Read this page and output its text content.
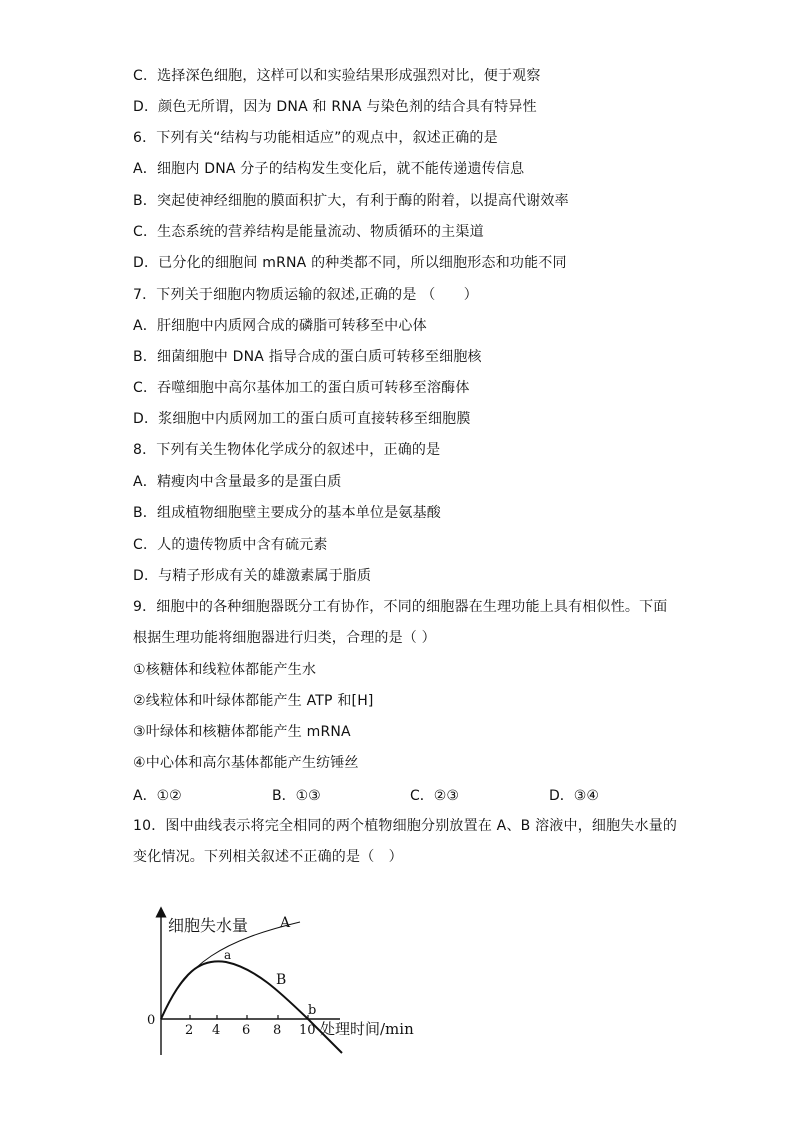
C．选择深色细胞，这样可以和实验结果形成强烈对比，便于观察
D．颜色无所谓，因为 DNA 和 RNA 与染色剂的结合具有特异性
6．下列有关“结构与功能相适应”的观点中，叙述正确的是
A．细胞内 DNA 分子的结构发生变化后，就不能传递遗传信息
B．突起使神经细胞的膜面积扩大，有利于酶的附着，以提高代谢效率
C．生态系统的营养结构是能量流动、物质循环的主渠道
D．已分化的细胞间 mRNA 的种类都不同，所以细胞形态和功能不同
7．下列关于细胞内物质运输的叙述,正确的是 （　　）
A．肝细胞中内质网合成的磷脂可转移至中心体
B．细菌细胞中 DNA 指导合成的蛋白质可转移至细胞核
C．吞噬细胞中高尔基体加工的蛋白质可转移至溶酶体
D．浆细胞中内质网加工的蛋白质可直接转移至细胞膜
8．下列有关生物体化学成分的叙述中，正确的是
A．精瘦肉中含量最多的是蛋白质
B．组成植物细胞壁主要成分的基本单位是氨基酸
C．人的遗传物质中含有硫元素
D．与精子形成有关的雄激素属于脂质
9．细胞中的各种细胞器既分工有协作，不同的细胞器在生理功能上具有相似性。下面
根据生理功能将细胞器进行归类，合理的是（ ）
①核糖体和线粒体都能产生水
②线粒体和叶绿体都能产生 ATP 和[H]
③叶绿体和核糖体都能产生 mRNA
④中心体和高尔基体都能产生纺锤丝
A．①②	B．①③	C．②③	D．③④
10．图中曲线表示将完全相同的两个植物细胞分别放置在 A、B 溶液中，细胞失水量的
变化情况。下列相关叙述不正确的是（　）
细胞失水量 A
a
B
b
0
2 4 6 8 10 处理时间/min
